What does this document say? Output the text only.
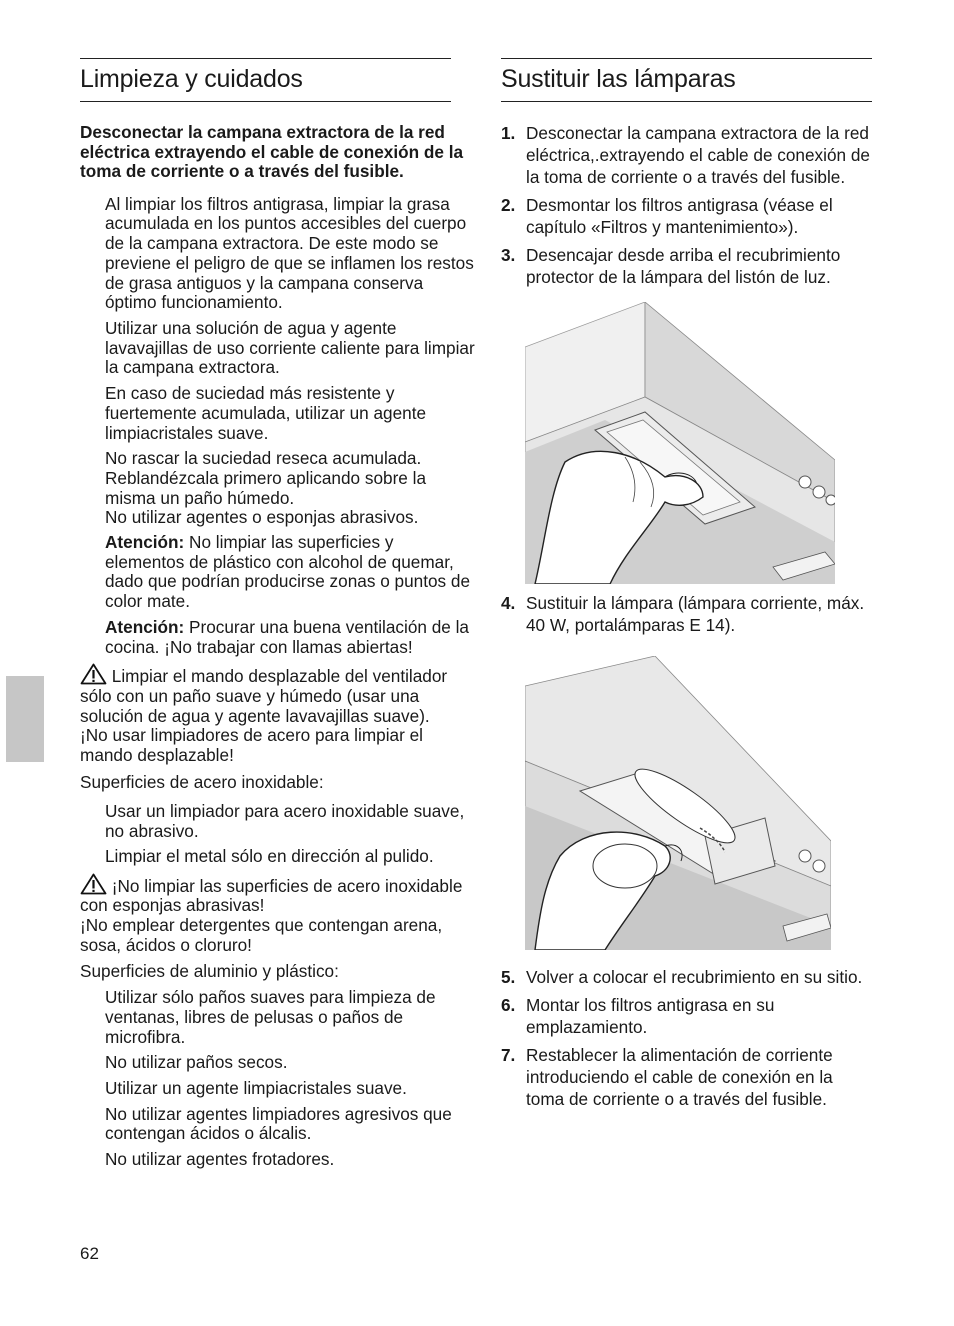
Limpieza y cuidados

Desconectar la campana extractora de la red eléctrica extrayendo el cable de conexión de la toma de corriente o a través del fusible.

Al limpiar los filtros antigrasa, limpiar la grasa acumulada en los puntos accesibles del cuerpo de la campana extractora. De este modo se previene el peligro de que se inflamen los restos de grasa antiguos y la campana conserva óptimo funcionamiento.

Utilizar una solución de agua y agente lavavajillas de uso corriente caliente para limpiar la campana extractora.

En caso de suciedad más resistente y fuertemente acumulada, utilizar un agente limpiacristales suave.

No rascar la suciedad reseca acumulada. Reblandézcala primero aplicando sobre la misma un paño húmedo.

No utilizar agentes o esponjas abrasivos.

Atención: No limpiar las superficies y elementos de plástico con alcohol de quemar, dado que podrían producirse zonas o puntos de color mate.

Atención: Procurar una buena ventilación de la cocina. ¡No trabajar con llamas abiertas!

Limpiar el mando desplazable del ventilador sólo con un paño suave y húmedo (usar una solución de agua y agente lavavajillas suave).
¡No usar limpiadores de acero para limpiar el mando desplazable!

Superficies de acero inoxidable:

Usar un limpiador para acero inoxidable suave, no abrasivo.

Limpiar el metal sólo en dirección al pulido.

¡No limpiar las superficies de acero inoxidable con esponjas abrasivas!
¡No emplear detergentes que contengan arena, sosa, ácidos o cloruro!

Superficies de aluminio y plástico:

Utilizar sólo paños suaves para limpieza de ventanas, libres de pelusas o paños de microfibra.

No utilizar paños secos.

Utilizar un agente limpiacristales suave.

No utilizar agentes limpiadores agresivos que contengan ácidos o álcalis.

No utilizar agentes frotadores.

Sustituir las lámparas
1. Desconectar la campana extractora de la red eléctrica,.extrayendo el cable de conexión de la toma de corriente o a través del fusible.
2. Desmontar los filtros antigrasa (véase el capítulo «Filtros y mantenimiento»).
3. Desencajar desde arriba el recubrimiento protector de la lámpara del listón de luz.
4. Sustituir la lámpara (lámpara corriente, máx. 40 W, portalámparas E 14).
5. Volver a colocar el recubrimiento en su sitio.
6. Montar los filtros antigrasa en su emplazamiento.
7. Restablecer la alimentación de corriente introduciendo el cable de conexión en la toma de corriente o a través del fusible.
62
